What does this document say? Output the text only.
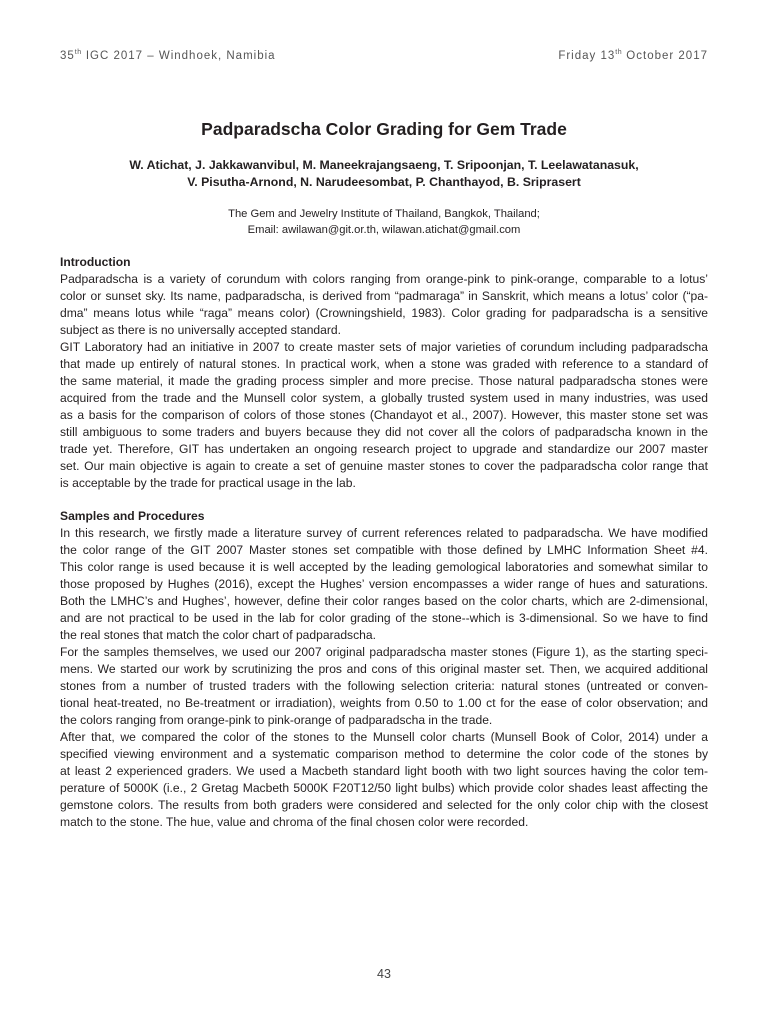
35th IGC 2017 – Windhoek, Namibia	Friday 13th October 2017
Padparadscha Color Grading for Gem Trade
W. Atichat, J. Jakkawanvibul, M. Maneekrajangsaeng, T. Sripoonjan, T. Leelawatanasuk,
V. Pisutha-Arnond, N. Narudeesombat, P. Chanthayod, B. Sriprasert
The Gem and Jewelry Institute of Thailand, Bangkok, Thailand;
Email: awilawan@git.or.th, wilawan.atichat@gmail.com
Introduction
Padparadscha is a variety of corundum with colors ranging from orange-pink to pink-orange, comparable to a lotus’
color or sunset sky. Its name, padparadscha, is derived from “padmaraga” in Sanskrit, which means a lotus’ color (“pa-
dma” means lotus while “raga” means color) (Crowningshield, 1983). Color grading for padparadscha is a sensitive
subject as there is no universally accepted standard.
GIT Laboratory had an initiative in 2007 to create master sets of major varieties of corundum including padparadscha
that made up entirely of natural stones. In practical work, when a stone was graded with reference to a standard of
the same material, it made the grading process simpler and more precise. Those natural padparadscha stones were
acquired from the trade and the Munsell color system, a globally trusted system used in many industries, was used
as a basis for the comparison of colors of those stones (Chandayot et al., 2007). However, this master stone set was
still ambiguous to some traders and buyers because they did not cover all the colors of padparadscha known in the
trade yet. Therefore, GIT has undertaken an ongoing research project to upgrade and standardize our 2007 master
set. Our main objective is again to create a set of genuine master stones to cover the padparadscha color range that
is acceptable by the trade for practical usage in the lab.
Samples and Procedures
In this research, we firstly made a literature survey of current references related to padparadscha. We have modified
the color range of the GIT 2007 Master stones set compatible with those defined by LMHC Information Sheet #4.
This color range is used because it is well accepted by the leading gemological laboratories and somewhat similar to
those proposed by Hughes (2016), except the Hughes’ version encompasses a wider range of hues and saturations.
Both the LMHC’s and Hughes’, however, define their color ranges based on the color charts, which are 2-dimensional,
and are not practical to be used in the lab for color grading of the stone--which is 3-dimensional. So we have to find
the real stones that match the color chart of padparadscha.
For the samples themselves, we used our 2007 original padparadscha master stones (Figure 1), as the starting speci-
mens. We started our work by scrutinizing the pros and cons of this original master set. Then, we acquired additional
stones from a number of trusted traders with the following selection criteria: natural stones (untreated or conven-
tional heat-treated, no Be-treatment or irradiation), weights from 0.50 to 1.00 ct for the ease of color observation; and
the colors ranging from orange-pink to pink-orange of padparadscha in the trade.
After that, we compared the color of the stones to the Munsell color charts (Munsell Book of Color, 2014) under a
specified viewing environment and a systematic comparison method to determine the color code of the stones by
at least 2 experienced graders. We used a Macbeth standard light booth with two light sources having the color tem-
perature of 5000K (i.e., 2 Gretag Macbeth 5000K F20T12/50 light bulbs) which provide color shades least affecting the
gemstone colors. The results from both graders were considered and selected for the only color chip with the closest
match to the stone. The hue, value and chroma of the final chosen color were recorded.
43
